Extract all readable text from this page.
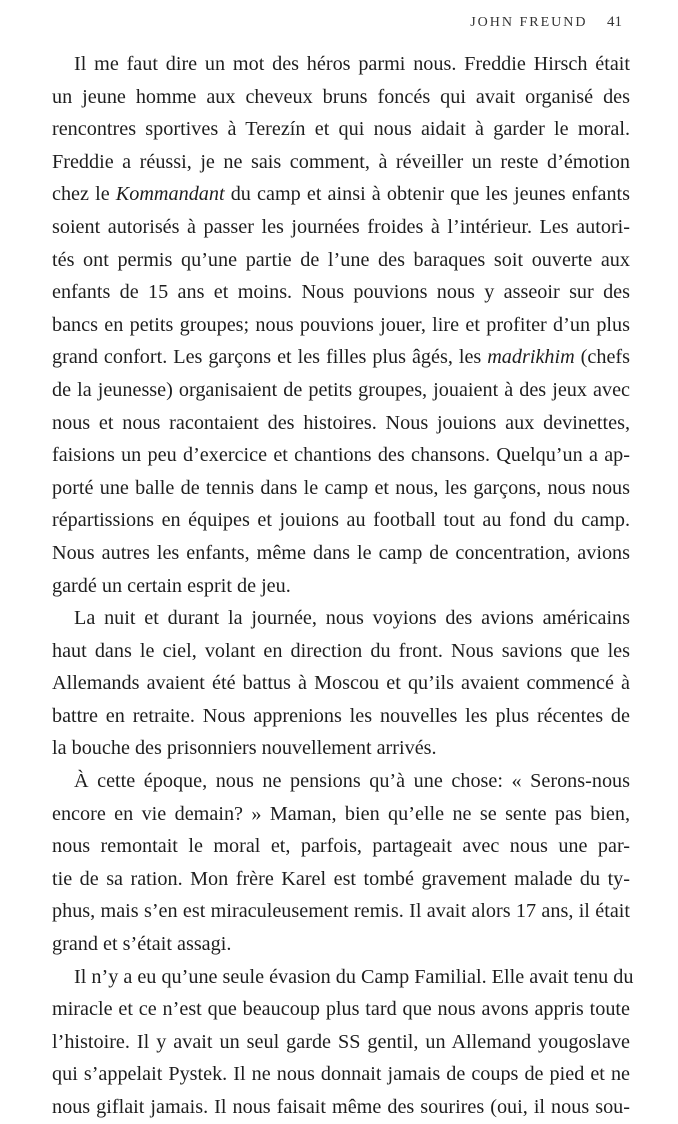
JOHN FREUND 41
Il me faut dire un mot des héros parmi nous. Freddie Hirsch était
un jeune homme aux cheveux bruns foncés qui avait organisé des
rencontres sportives à Terezín et qui nous aidait à garder le moral.
Freddie a réussi, je ne sais comment, à réveiller un reste d’émotion
chez le Kommandant du camp et ainsi à obtenir que les jeunes enfants
soient autorisés à passer les journées froides à l’intérieur. Les autori-
tés ont permis qu’une partie de l’une des baraques soit ouverte aux
enfants de 15 ans et moins. Nous pouvions nous y asseoir sur des
bancs en petits groupes; nous pouvions jouer, lire et profiter d’un plus
grand confort. Les garçons et les filles plus âgés, les madrikhim (chefs
de la jeunesse) organisaient de petits groupes, jouaient à des jeux avec
nous et nous racontaient des histoires. Nous jouions aux devinettes,
faisions un peu d’exercice et chantions des chansons. Quelqu’un a ap-
porté une balle de tennis dans le camp et nous, les garçons, nous nous
répartissions en équipes et jouions au football tout au fond du camp.
Nous autres les enfants, même dans le camp de concentration, avions
gardé un certain esprit de jeu.
La nuit et durant la journée, nous voyions des avions américains
haut dans le ciel, volant en direction du front. Nous savions que les
Allemands avaient été battus à Moscou et qu’ils avaient commencé à
battre en retraite. Nous apprenions les nouvelles les plus récentes de
la bouche des prisonniers nouvellement arrivés.
À cette époque, nous ne pensions qu’à une chose: « Serons-nous
encore en vie demain? » Maman, bien qu’elle ne se sente pas bien,
nous remontait le moral et, parfois, partageait avec nous une par-
tie de sa ration. Mon frère Karel est tombé gravement malade du ty-
phus, mais s’en est miraculeusement remis. Il avait alors 17 ans, il était
grand et s’était assagi.
Il n’y a eu qu’une seule évasion du Camp Familial. Elle avait tenu du
miracle et ce n’est que beaucoup plus tard que nous avons appris toute
l’histoire. Il y avait un seul garde SS gentil, un Allemand yougoslave
qui s’appelait Pystek. Il ne nous donnait jamais de coups de pied et ne
nous giflait jamais. Il nous faisait même des sourires (oui, il nous sou-
